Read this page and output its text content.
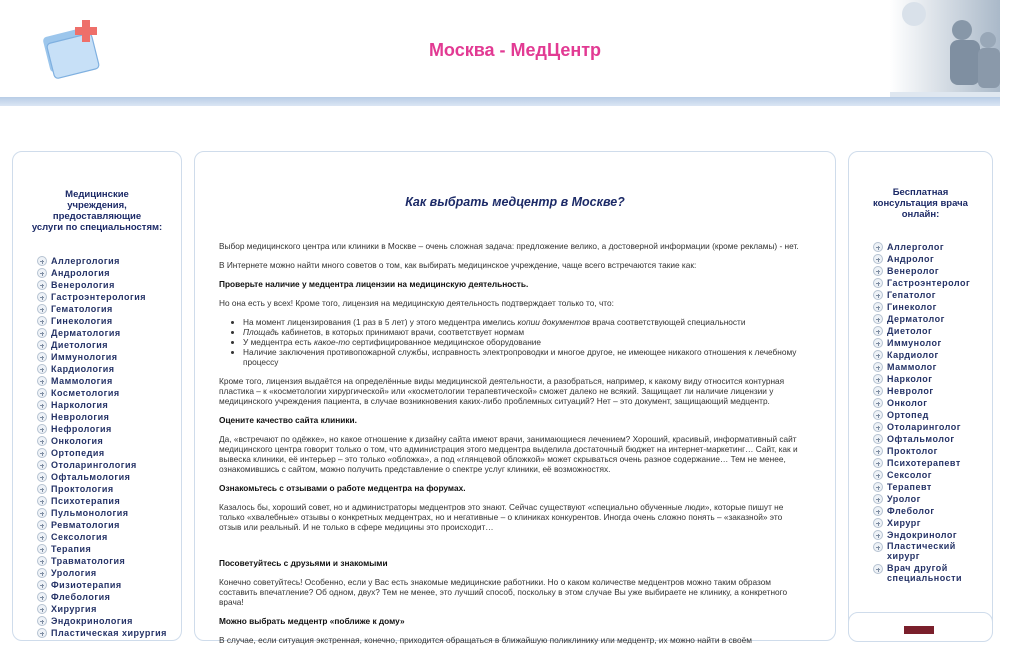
Москва - МедЦентр
Медицинские
учреждения,
предоставляющие
услуги по специальностям:
Аллергология
Андрология
Венерология
Гастроэнтерология
Гематология
Гинекология
Дерматология
Диетология
Иммунология
Кардиология
Маммология
Косметология
Наркология
Неврология
Нефрология
Онкология
Ортопедия
Отоларингология
Офтальмология
Проктология
Психотерапия
Пульмонология
Ревматология
Сексология
Терапия
Травматология
Урология
Физиотерапия
Флебология
Хирургия
Эндокринология
Пластическая хирургия
Как выбрать медцентр в Москве?

Выбор медицинского центра или клиники в Москве – очень сложная задача: предложение велико, а достоверной информации (кроме рекламы) - нет.

В Интернете можно найти много советов о том, как выбирать медицинское учреждение, чаще всего встречаются такие как:

Проверьте наличие у медцентра лицензии на медицинскую деятельность.

Но она есть у всех! Кроме того, лицензия на медицинскую деятельность подтверждает только то, что:

• На момент лицензирования (1 раз в 5 лет) у этого медцентра имелись копии документов врача соответствующей специальности
• Площадь кабинетов, в которых принимают врачи, соответствует нормам
• У медцентра есть какое-то сертифицированное медицинское оборудование
• Наличие заключения противопожарной службы, исправность электропроводки и многое другое, не имеющее никакого отношения к лечебному процессу

Кроме того, лицензия выдаётся на определённые виды медицинской деятельности, а разобраться, например, к какому виду относится контурная пластика – к «косметологии хирургической» или «косметологии терапевтической» сможет далеко не всякий. Защищает ли наличие лицензии у медицинского учреждения пациента, в случае возникновения каких-либо проблемных ситуаций? Нет – это документ, защищающий медцентр.

Оцените качество сайта клиники.

Да, «встречают по одёжке», но какое отношение к дизайну сайта имеют врачи, занимающиеся лечением? Хороший, красивый, информативный сайт медицинского центра говорит только о том, что администрация этого медцентра выделила достаточный бюджет на интернет-маркетинг… Сайт, как и вывеска клиники, её интерьер – это только «обложка», а под «глянцевой обложкой» может скрываться очень разное содержание… Тем не менее, ознакомившись с сайтом, можно получить представление о спектре услуг клиники, её возможностях.

Ознакомьтесь с отзывами о работе медцентра на форумах.

Казалось бы, хороший совет, но и администраторы медцентров это знают. Сейчас существуют «специально обученные люди», которые пишут не только «хвалебные» отзывы о конкретных медцентрах, но и негативные – о клиниках конкурентов. Иногда очень сложно понять – «заказной» это отзыв или реальный. И не только в сфере медицины это происходит…

Посоветуйтесь с друзьями и знакомыми

Конечно советуйтесь! Особенно, если у Вас есть знакомые медицинские работники. Но о каком количестве медцентров можно таким образом составить впечатление? Об одном, двух? Тем не менее, это лучший способ, поскольку в этом случае Вы уже выбираете не клинику, а конкретного врача!

Можно выбрать медцентр «поближе к дому»

В случае, если ситуация экстренная, конечно, приходится обращаться в ближайшую поликлинику или медцентр, их можно найти в своём

Бесплатная
консультация врача
онлайн:
Аллерголог
Андролог
Венеролог
Гастроэнтеролог
Гепатолог
Гинеколог
Дерматолог
Диетолог
Иммунолог
Кардиолог
Маммолог
Нарколог
Невролог
Онколог
Ортопед
Отоларинголог
Офтальмолог
Проктолог
Психотерапевт
Сексолог
Терапевт
Уролог
Флеболог
Хирург
Эндокринолог
Пластический
хирург
Врач другой
специальности
